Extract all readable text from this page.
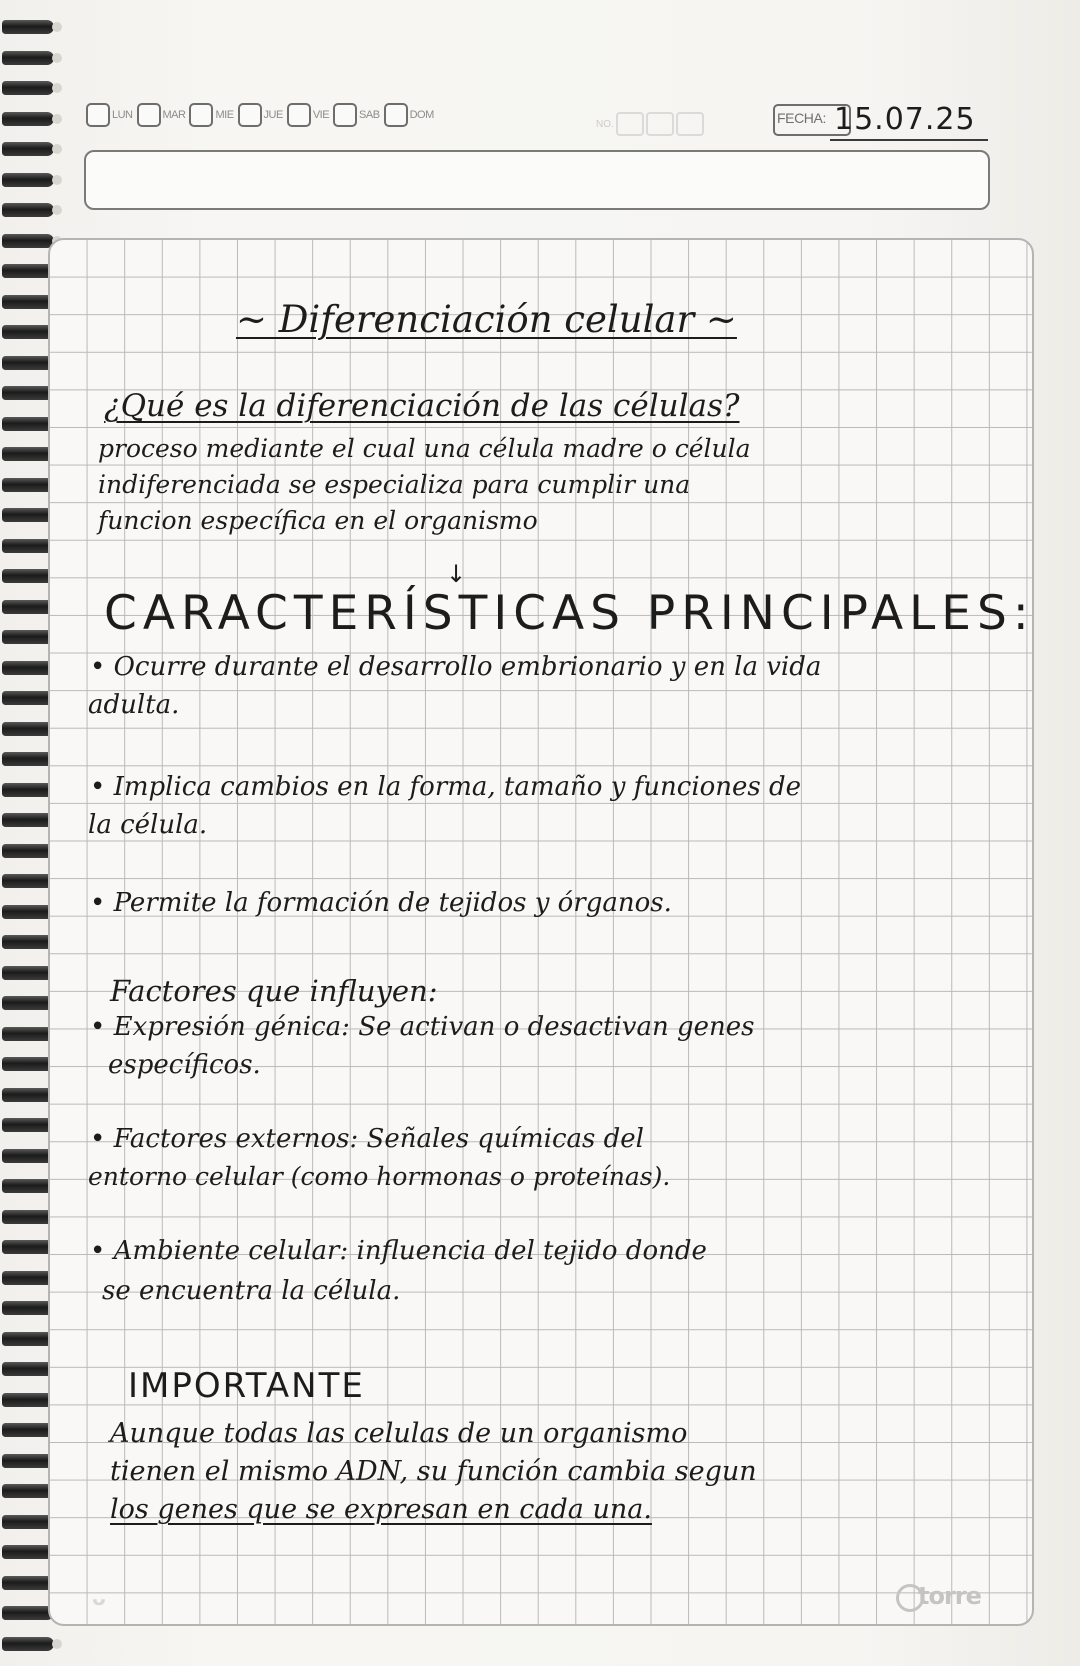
LUN	MAR	MIE	JUE	VIE	SAB	DOM
NO.	FECHA: 15.07.25
~ Diferenciación celular ~
¿Qué es la diferenciación de las células?
proceso mediante el cual una célula madre o célula
indiferenciada se especializa para cumplir una
funcion específica en el organismo
↓
CARACTERÍSTICAS PRINCIPALES:
• Ocurre durante el desarrollo embrionario y en la vida
adulta.
• Implica cambios en la forma, tamaño y funciones de
la célula.
• Permite la formación de tejidos y órganos.
Factores que influyen:
• Expresión génica: Se activan o desactivan genes
específicos.
• Factores externos: Señales químicas del
entorno celular (como hormonas o proteínas).
• Ambiente celular: influencia del tejido donde
se encuentra la célula.
IMPORTANTE
Aunque todas las celulas de un organismo
tienen el mismo ADN, su función cambia segun
los genes que se expresan en cada una.
ᴗ	torre
